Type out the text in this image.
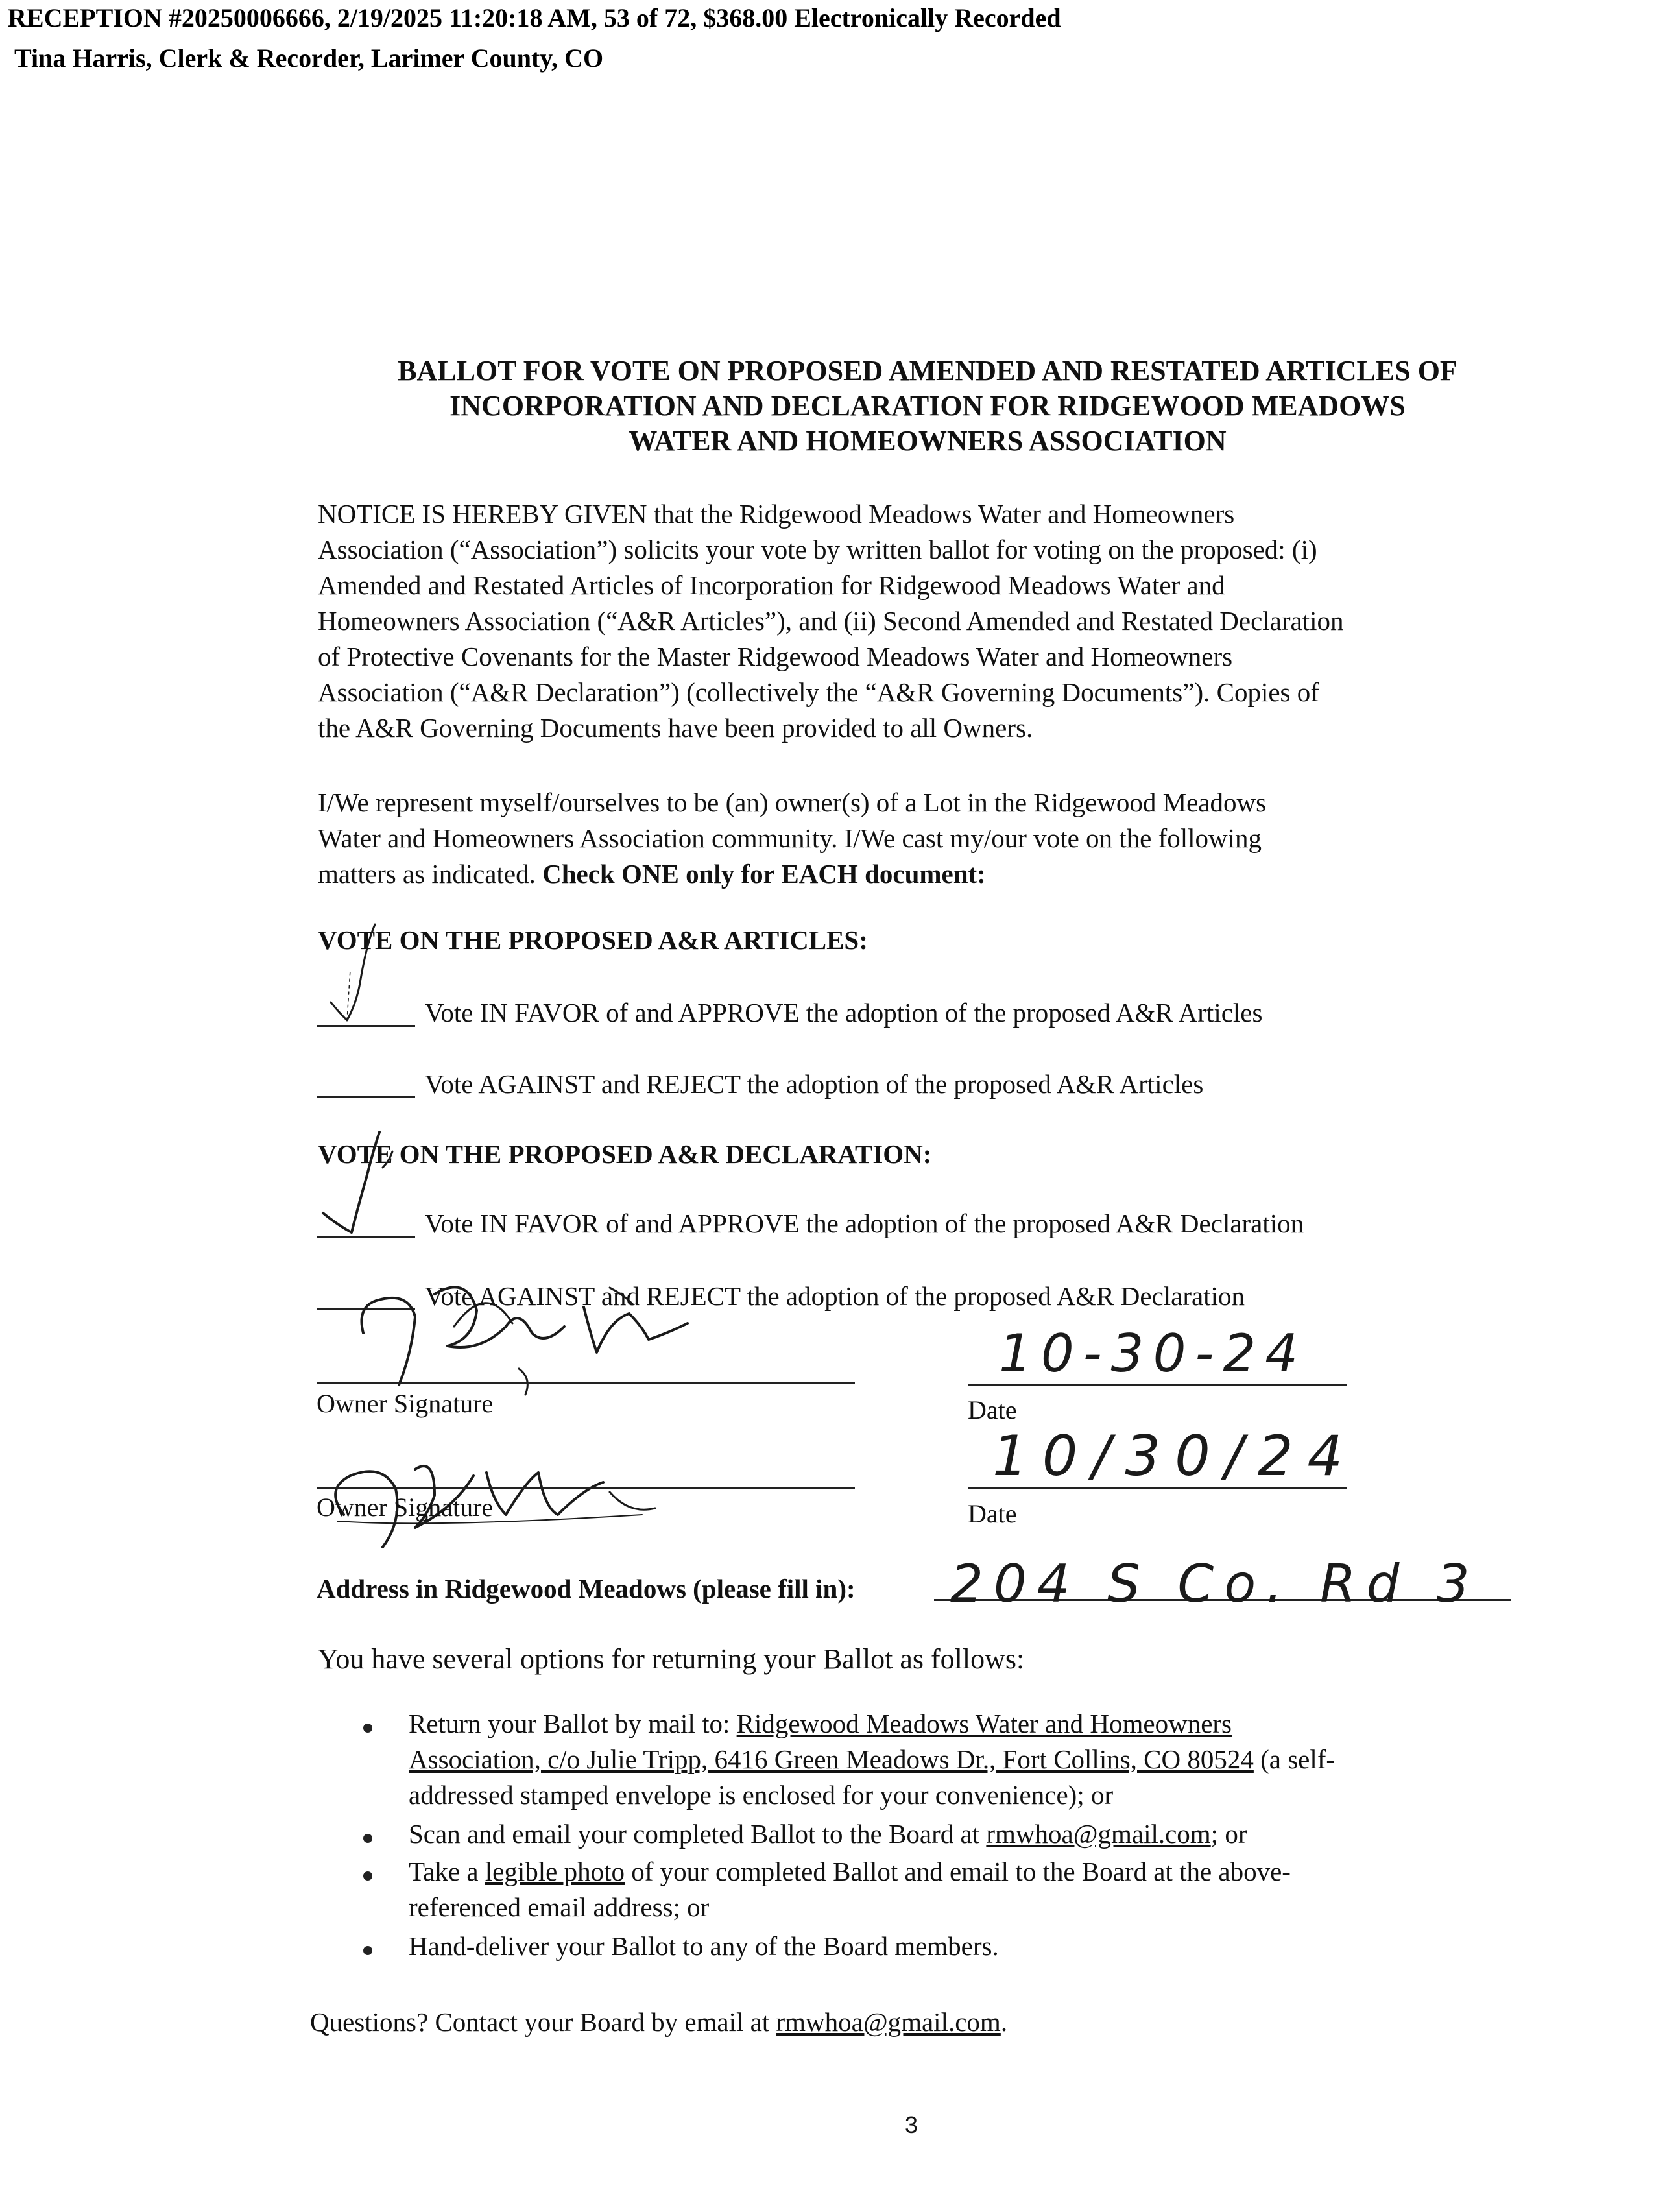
RECEPTION #20250006666, 2/19/2025 11:20:18 AM, 53 of 72, $368.00 Electronically Recorded
Tina Harris, Clerk & Recorder, Larimer County, CO
BALLOT FOR VOTE ON PROPOSED AMENDED AND RESTATED ARTICLES OF
INCORPORATION AND DECLARATION FOR RIDGEWOOD MEADOWS
WATER AND HOMEOWNERS ASSOCIATION
NOTICE IS HEREBY GIVEN that the Ridgewood Meadows Water and Homeowners
Association (“Association”) solicits your vote by written ballot for voting on the proposed: (i)
Amended and Restated Articles of Incorporation for Ridgewood Meadows Water and
Homeowners Association (“A&R Articles”), and (ii) Second Amended and Restated Declaration
of Protective Covenants for the Master Ridgewood Meadows Water and Homeowners
Association (“A&R Declaration”) (collectively the “A&R Governing Documents”). Copies of
the A&R Governing Documents have been provided to all Owners.
I/We represent myself/ourselves to be (an) owner(s) of a Lot in the Ridgewood Meadows
Water and Homeowners Association community. I/We cast my/our vote on the following
matters as indicated. Check ONE only for EACH document:
VOTE ON THE PROPOSED A&R ARTICLES:
Vote IN FAVOR of and APPROVE the adoption of the proposed A&R Articles
Vote AGAINST and REJECT the adoption of the proposed A&R Articles
VOTE ON THE PROPOSED A&R DECLARATION:
Vote IN FAVOR of and APPROVE the adoption of the proposed A&R Declaration
Vote AGAINST and REJECT the adoption of the proposed A&R Declaration
Owner Signature
10-30-24
Date
Owner Signature
10/30/24
Date
Address in Ridgewood Meadows (please fill in): 204 S Co. Rd 3
You have several options for returning your Ballot as follows:
Return your Ballot by mail to: Ridgewood Meadows Water and Homeowners
Association, c/o Julie Tripp, 6416 Green Meadows Dr., Fort Collins, CO 80524 (a self-
addressed stamped envelope is enclosed for your convenience); or
Scan and email your completed Ballot to the Board at rmwhoa@gmail.com; or
Take a legible photo of your completed Ballot and email to the Board at the above-
referenced email address; or
Hand-deliver your Ballot to any of the Board members.
Questions? Contact your Board by email at rmwhoa@gmail.com.
3
